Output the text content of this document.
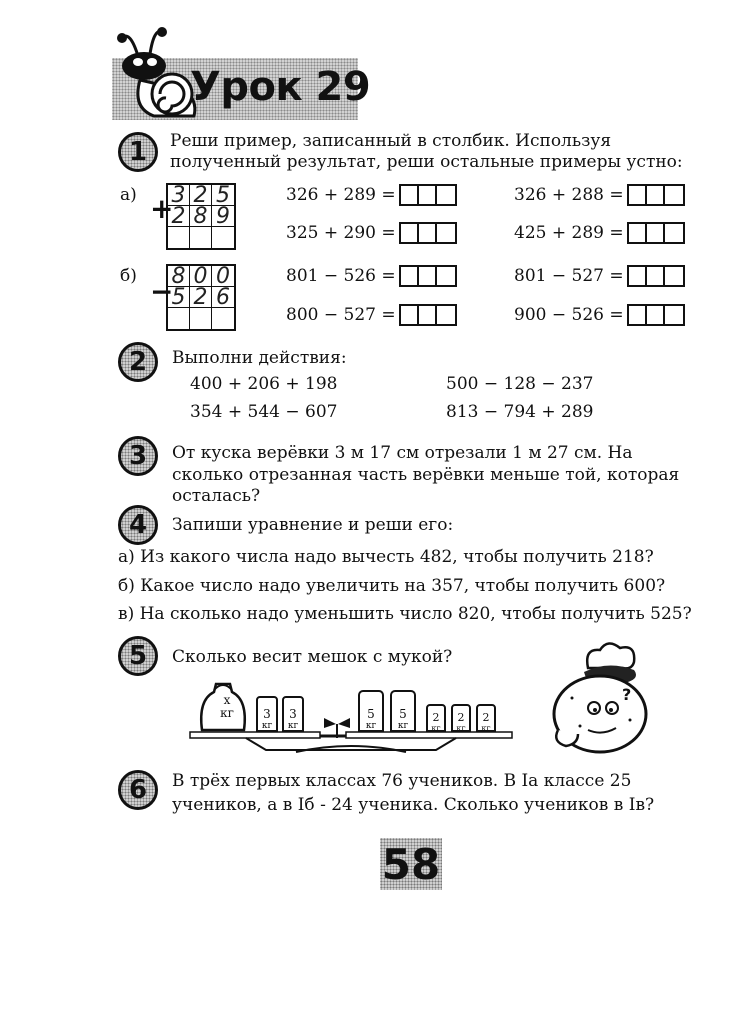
Урок 29
1	Реши пример, записанный в столбик. Используя
полученный результат, реши остальные примеры устно:
а) +
3 2 5
2 8 9
326 + 289 =	326 + 288 =
325 + 290 =	425 + 289 =
б) −
8 0 0
5 2 6
801 − 526 =	801 − 527 =
800 − 527 =	900 − 526 =
2	Выполни действия:
400 + 206 + 198	500 − 128 − 237
354 + 544 − 607	813 − 794 + 289
3	От куска верёвки 3 м 17 см отрезали 1 м 27 см. На
сколько отрезанная часть верёвки меньше той, которая
осталась?
4	Запиши уравнение и реши его:
а) Из какого числа надо вычесть 482, чтобы получить 218?
б) Какое число надо увеличить на 357, чтобы получить 600?
в) На сколько надо уменьшить число 820, чтобы получить 525?
5	Сколько весит мешок с мукой?
х
кг	3
кг
3
кг
5
кг
5
кг
2
кг
2
кг
2
кг
?
6	В трёх первых классах 76 учеников. В Iа классе 25
учеников, а в Iб - 24 ученика. Сколько учеников в Iв?
58
